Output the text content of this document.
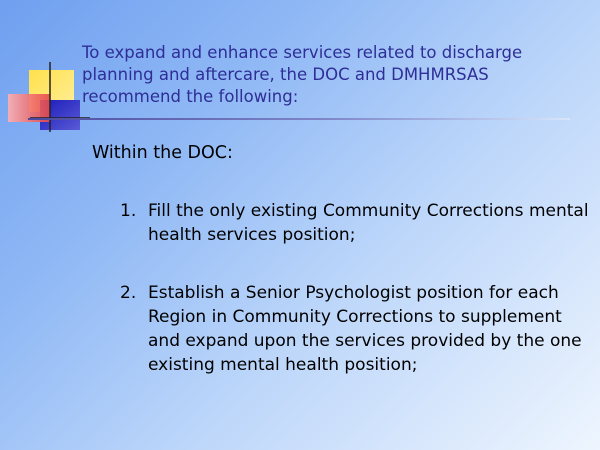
To expand and enhance services related to discharge planning and aftercare, the DOC and DMHMRSAS recommend the following:
Within the DOC:
1. Fill the only existing Community Corrections mental health services position;
2. Establish a Senior Psychologist position for each Region in Community Corrections to supplement and expand upon the services provided by the one existing mental health position;
